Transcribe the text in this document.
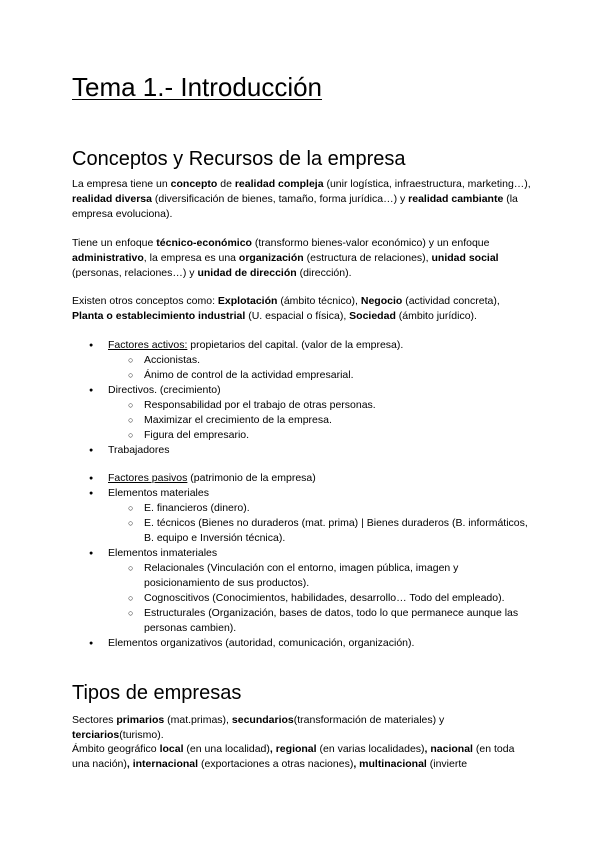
Tema 1.- Introducción
Conceptos y Recursos de la empresa

La empresa tiene un concepto de realidad compleja (unir logística, infraestructura, marketing…), realidad diversa (diversificación de bienes, tamaño, forma jurídica…) y realidad cambiante (la empresa evoluciona).

Tiene un enfoque técnico-económico (transformo bienes-valor económico) y un enfoque administrativo, la empresa es una organización (estructura de relaciones), unidad social (personas, relaciones…) y unidad de dirección (dirección).

Existen otros conceptos como: Explotación (ámbito técnico), Negocio (actividad concreta), Planta o establecimiento industrial (U. espacial o física), Sociedad (ámbito jurídico).

● Factores activos: propietarios del capital. (valor de la empresa).
○ Accionistas.
○ Ánimo de control de la actividad empresarial.
● Directivos. (crecimiento)
○ Responsabilidad por el trabajo de otras personas.
○ Maximizar el crecimiento de la empresa.
○ Figura del empresario.
● Trabajadores
● Factores pasivos (patrimonio de la empresa)
● Elementos materiales
○ E. financieros (dinero).
○ E. técnicos (Bienes no duraderos (mat. prima) | Bienes duraderos (B. informáticos, B. equipo e Inversión técnica).
● Elementos inmateriales
○ Relacionales (Vinculación con el entorno, imagen pública, imagen y posicionamiento de sus productos).
○ Cognoscitivos (Conocimientos, habilidades, desarrollo… Todo del empleado).
○ Estructurales (Organización, bases de datos, todo lo que permanece aunque las personas cambien).
● Elementos organizativos (autoridad, comunicación, organización).
Tipos de empresas

Sectores primarios (mat.primas), secundarios(transformación de materiales) y terciarios(turismo).

Ámbito geográfico local (en una localidad), regional (en varias localidades), nacional (en toda una nación), internacional (exportaciones a otras naciones), multinacional (invierte
